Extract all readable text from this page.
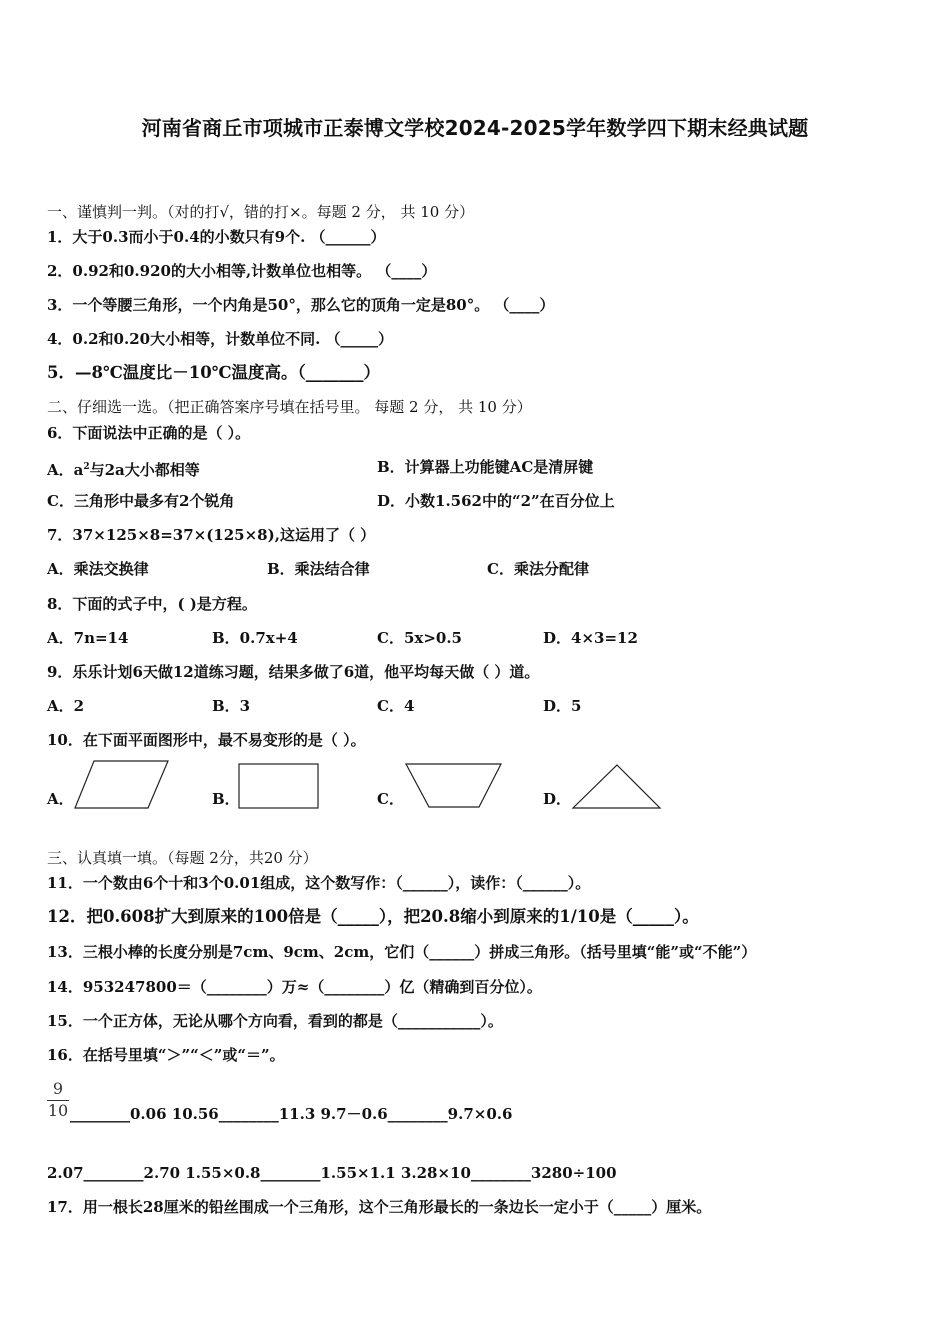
河南省商丘市项城市正泰博文学校2024-2025学年数学四下期末经典试题
一、谨慎判一判。（对的打√，错的打×。每题 2 分， 共 10 分）
1．大于0.3而小于0.4的小数只有9个. （______）
2．0.92和0.920的大小相等,计数单位也相等。 （____）
3．一个等腰三角形，一个内角是50°，那么它的顶角一定是80°。 （____）
4．0.2和0.20大小相等，计数单位不同. （_____）
5．—8℃温度比－10℃温度高。（_______）
二、仔细选一选。（把正确答案序号填在括号里。 每题 2 分， 共 10 分）
6．下面说法中正确的是（ ）。
A．$a^2$与2a大小都相等	B．计算器上功能键AC是清屏键
C．三角形中最多有2个锐角	D．小数1.562中的“2”在百分位上
7．37×125×8=37×(125×8),这运用了（ ）
A．乘法交换律	B．乘法结合律	C．乘法分配律
8．下面的式子中，( )是方程。
A．7n=14	B．0.7x+4	C．5x>0.5	D．4×3=12
9．乐乐计划6天做12道练习题，结果多做了6道，他平均每天做（ ）道。
A．2	B．3	C．4	D．5
10．在下面平面图形中，最不易变形的是（ ）。
A．	B．	C．	D．
三、认真填一填。（每题 2分，共20 分）
11．一个数由6个十和3个0.01组成，这个数写作：（______），读作：（______）。
12．把0.608扩大到原来的100倍是（_____），把20.8缩小到原来的1/10是（_____）。
13．三根小棒的长度分别是7cm、9cm、2cm，它们（______）拼成三角形。（括号里填“能”或“不能”）
14．953247800＝（________）万≈（________）亿（精确到百分位）。
15．一个正方体，无论从哪个方向看，看到的都是（___________）。
16．在括号里填“＞”“＜”或“＝”。
9
10 ________0.06 10.56________11.3 9.7－0.6________9.7×0.6
2.07________2.70 1.55×0.8________1.55×1.1 3.28×10________3280÷100
17．用一根长28厘米的铅丝围成一个三角形，这个三角形最长的一条边长一定小于（_____）厘米。
